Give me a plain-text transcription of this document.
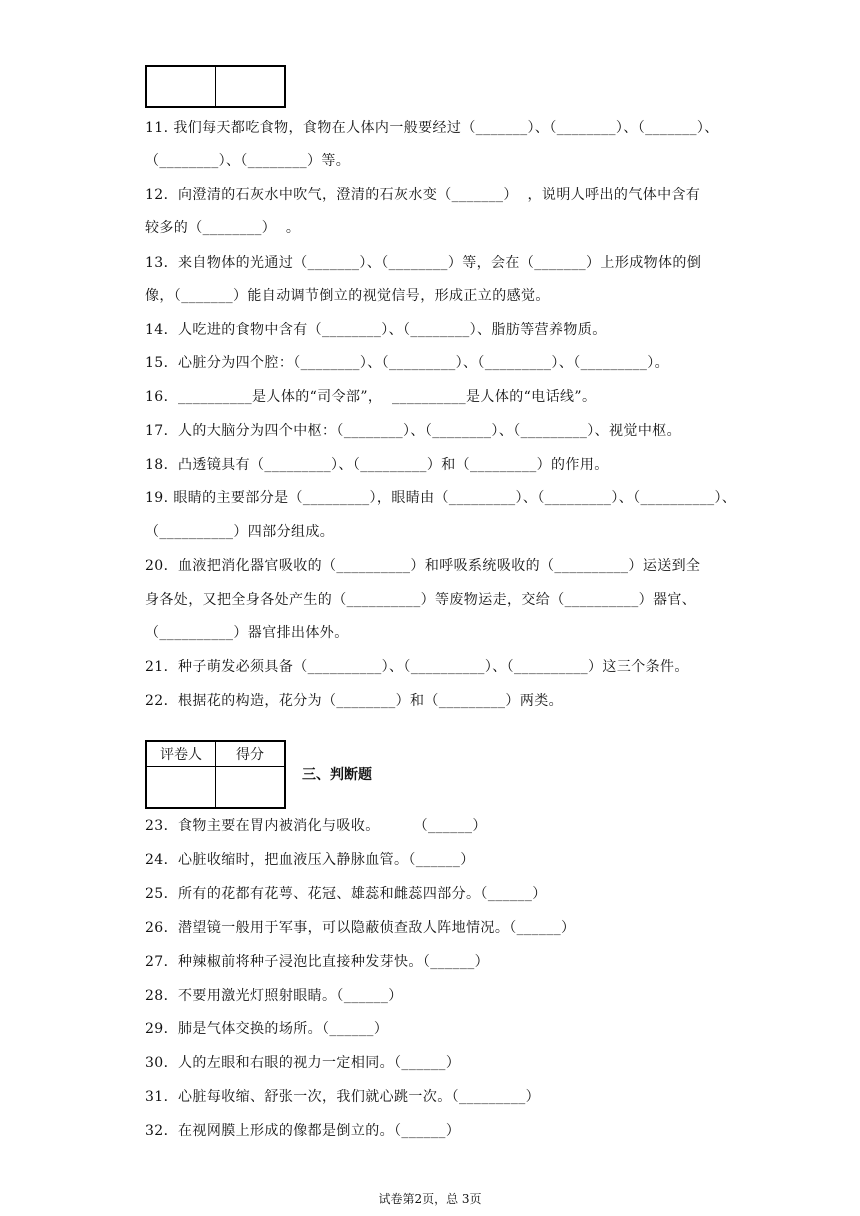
11. 我们每天都吃食物，食物在人体内一般要经过（_______）、（________）、（_______）、
（________）、（________）等。
12．向澄清的石灰水中吹气，澄清的石灰水变（_______）  ，说明人呼出的气体中含有
较多的（________）  。
13．来自物体的光通过（_______）、（________）等，会在（_______）上形成物体的倒
像，（_______）能自动调节倒立的视觉信号，形成正立的感觉。
14．人吃进的食物中含有（________）、（________）、脂肪等营养物质。
15．心脏分为四个腔：（________）、（_________）、（_________）、（_________）。
16．__________是人体的“司令部”，  __________是人体的“电话线”。
17．人的大脑分为四个中枢：（________）、（________）、（_________）、视觉中枢。
18．凸透镜具有（_________）、（_________）和（_________）的作用。
19. 眼睛的主要部分是（_________），眼睛由（_________）、（_________）、（__________）、
（__________）四部分组成。
20．血液把消化器官吸收的（__________）和呼吸系统吸收的（__________）运送到全
身各处，又把全身各处产生的（__________）等废物运走，交给（__________）器官、
（__________）器官排出体外。
21．种子萌发必须具备（__________）、（__________）、（__________）这三个条件。
22．根据花的构造，花分为（________）和（_________）两类。
评卷人	得分

三、判断题
23．食物主要在胃内被消化与吸收。       （______）
24．心脏收缩时，把血液压入静脉血管。（______）
25．所有的花都有花萼、花冠、雄蕊和雌蕊四部分。（______）
26．潜望镜一般用于军事，可以隐蔽侦查敌人阵地情况。（______）
27．种辣椒前将种子浸泡比直接种发芽快。（______）
28．不要用激光灯照射眼睛。（______）
29．肺是气体交换的场所。（______）
30．人的左眼和右眼的视力一定相同。（______）
31．心脏每收缩、舒张一次，我们就心跳一次。（_________）
32．在视网膜上形成的像都是倒立的。（______）
试卷第2页，总 3页
